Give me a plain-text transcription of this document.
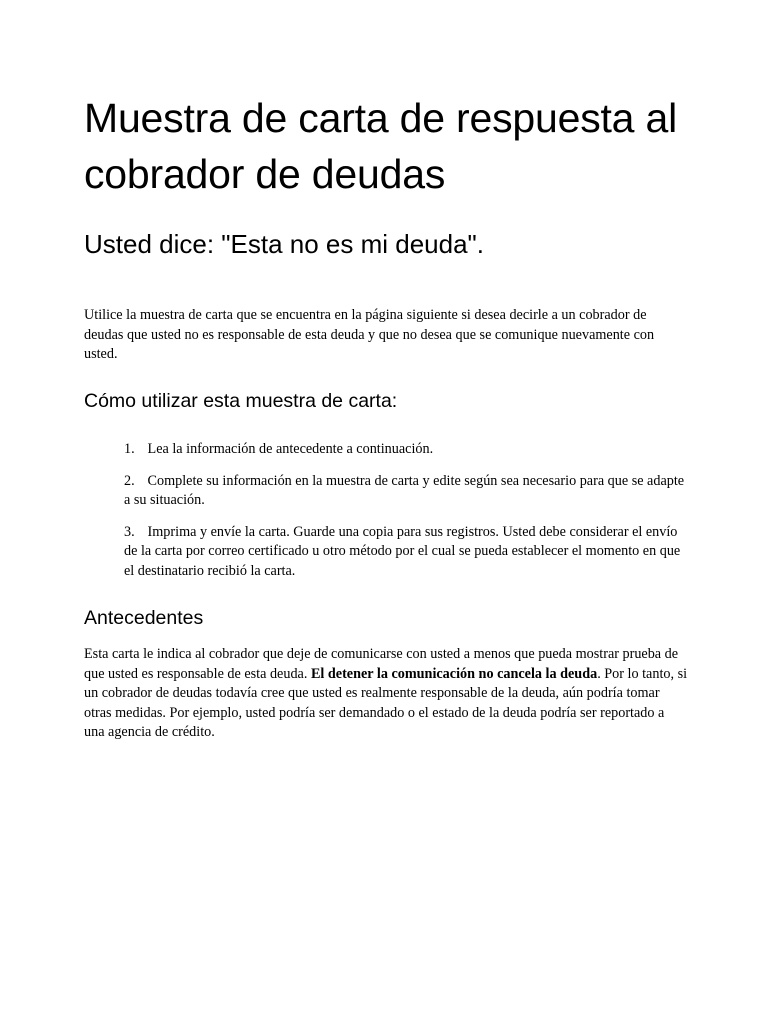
Muestra de carta de respuesta al cobrador de deudas
Usted dice: "Esta no es mi deuda".

Utilice la muestra de carta que se encuentra en la página siguiente si desea decirle a un cobrador de deudas que usted no es responsable de esta deuda y que no desea que se comunique nuevamente con usted.

Cómo utilizar esta muestra de carta:
1. Lea la información de antecedente a continuación.
2. Complete su información en la muestra de carta y edite según sea necesario para que se adapte a su situación.
3. Imprima y envíe la carta. Guarde una copia para sus registros. Usted debe considerar el envío de la carta por correo certificado u otro método por el cual se pueda establecer el momento en que el destinatario recibió la carta.
Antecedentes

Esta carta le indica al cobrador que deje de comunicarse con usted a menos que pueda mostrar prueba de que usted es responsable de esta deuda. El detener la comunicación no cancela la deuda. Por lo tanto, si un cobrador de deudas todavía cree que usted es realmente responsable de la deuda, aún podría tomar otras medidas. Por ejemplo, usted podría ser demandado o el estado de la deuda podría ser reportado a una agencia de crédito.
